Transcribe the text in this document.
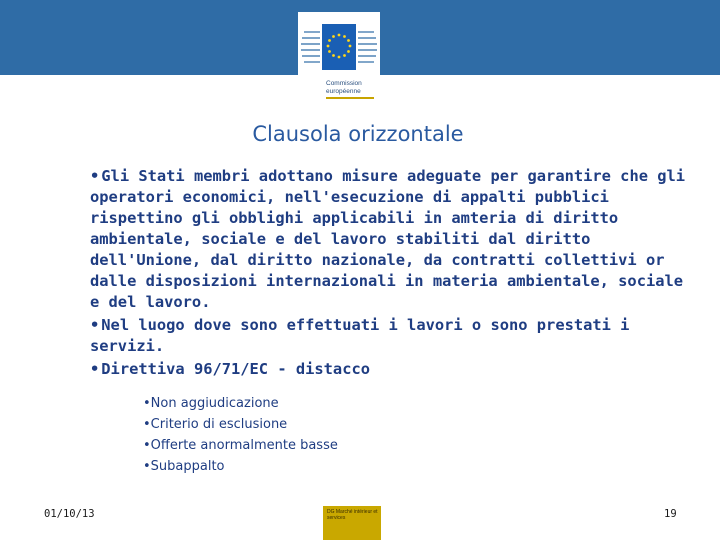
Commission
européenne
Clausola orizzontale
• Gli Stati membri adottano misure adeguate per garantire che gli operatori economici, nell'esecuzione di appalti pubblici rispettino gli obblighi applicabili in amteria di diritto ambientale, sociale e del lavoro stabiliti dal diritto dell'Unione, dal diritto nazionale, da contratti collettivi or dalle disposizioni internazionali in materia ambientale, sociale e del lavoro.
• Nel luogo dove sono effettuati i lavori o sono prestati i servizi.
• Direttiva 96/71/EC - distacco
•Non aggiudicazione
•Criterio di esclusione
•Offerte anormalmente basse
•Subappalto
01/10/13	DG Marché intérieur et services	19
